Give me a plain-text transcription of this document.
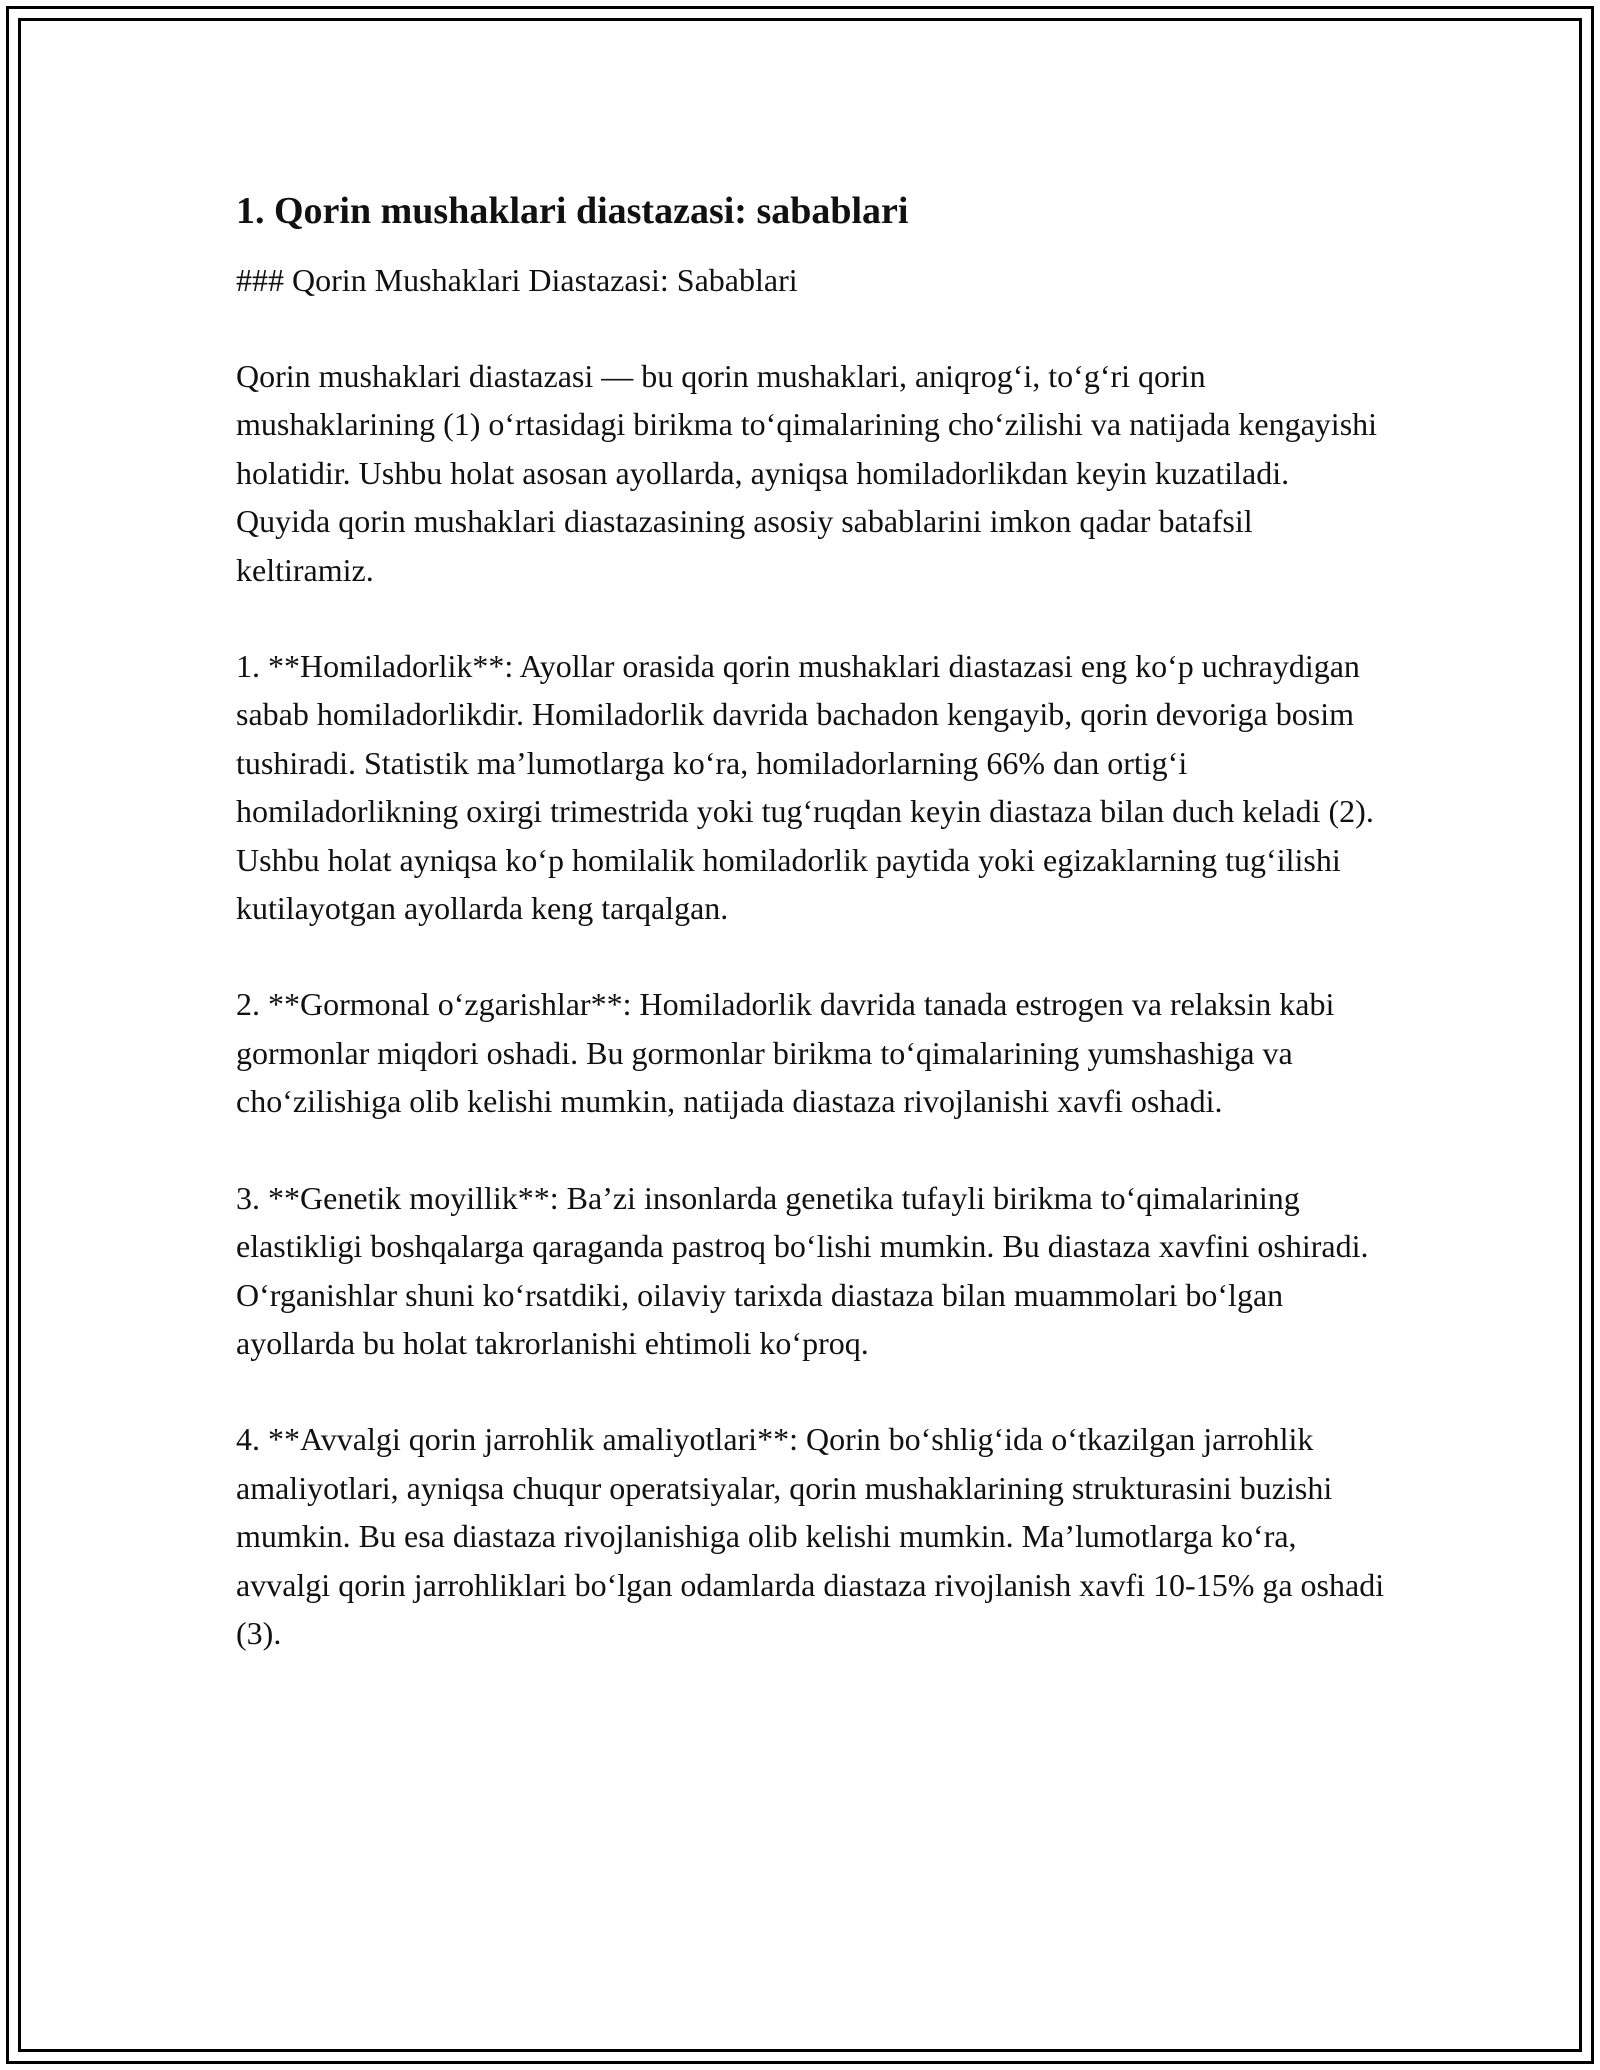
1. Qorin mushaklari diastazasi: sabablari

### Qorin Mushaklari Diastazasi: Sabablari

Qorin mushaklari diastazasi — bu qorin mushaklari, aniqrog‘i, to‘g‘ri qorin mushaklarining (1) o‘rtasidagi birikma to‘qimalarining cho‘zilishi va natijada kengayishi holatidir. Ushbu holat asosan ayollarda, ayniqsa homiladorlikdan keyin kuzatiladi. Quyida qorin mushaklari diastazasining asosiy sabablarini imkon qadar batafsil keltiramiz.

1. **Homiladorlik**: Ayollar orasida qorin mushaklari diastazasi eng ko‘p uchraydigan sabab homiladorlikdir. Homiladorlik davrida bachadon kengayib, qorin devoriga bosim tushiradi. Statistik ma’lumotlarga ko‘ra, homiladorlarning 66% dan ortig‘i homiladorlikning oxirgi trimestrida yoki tug‘ruqdan keyin diastaza bilan duch keladi (2). Ushbu holat ayniqsa ko‘p homilalik homiladorlik paytida yoki egizaklarning tug‘ilishi kutilayotgan ayollarda keng tarqalgan.

2. **Gormonal o‘zgarishlar**: Homiladorlik davrida tanada estrogen va relaksin kabi gormonlar miqdori oshadi. Bu gormonlar birikma to‘qimalarining yumshashiga va cho‘zilishiga olib kelishi mumkin, natijada diastaza rivojlanishi xavfi oshadi.

3. **Genetik moyillik**: Ba’zi insonlarda genetika tufayli birikma to‘qimalarining elastikligi boshqalarga qaraganda pastroq bo‘lishi mumkin. Bu diastaza xavfini oshiradi. O‘rganishlar shuni ko‘rsatdiki, oilaviy tarixda diastaza bilan muammolari bo‘lgan ayollarda bu holat takrorlanishi ehtimoli ko‘proq.

4. **Avvalgi qorin jarrohlik amaliyotlari**: Qorin bo‘shlig‘ida o‘tkazilgan jarrohlik amaliyotlari, ayniqsa chuqur operatsiyalar, qorin mushaklarining strukturasini buzishi mumkin. Bu esa diastaza rivojlanishiga olib kelishi mumkin. Ma’lumotlarga ko‘ra, avvalgi qorin jarrohliklari bo‘lgan odamlarda diastaza rivojlanish xavfi 10-15% ga oshadi (3).
